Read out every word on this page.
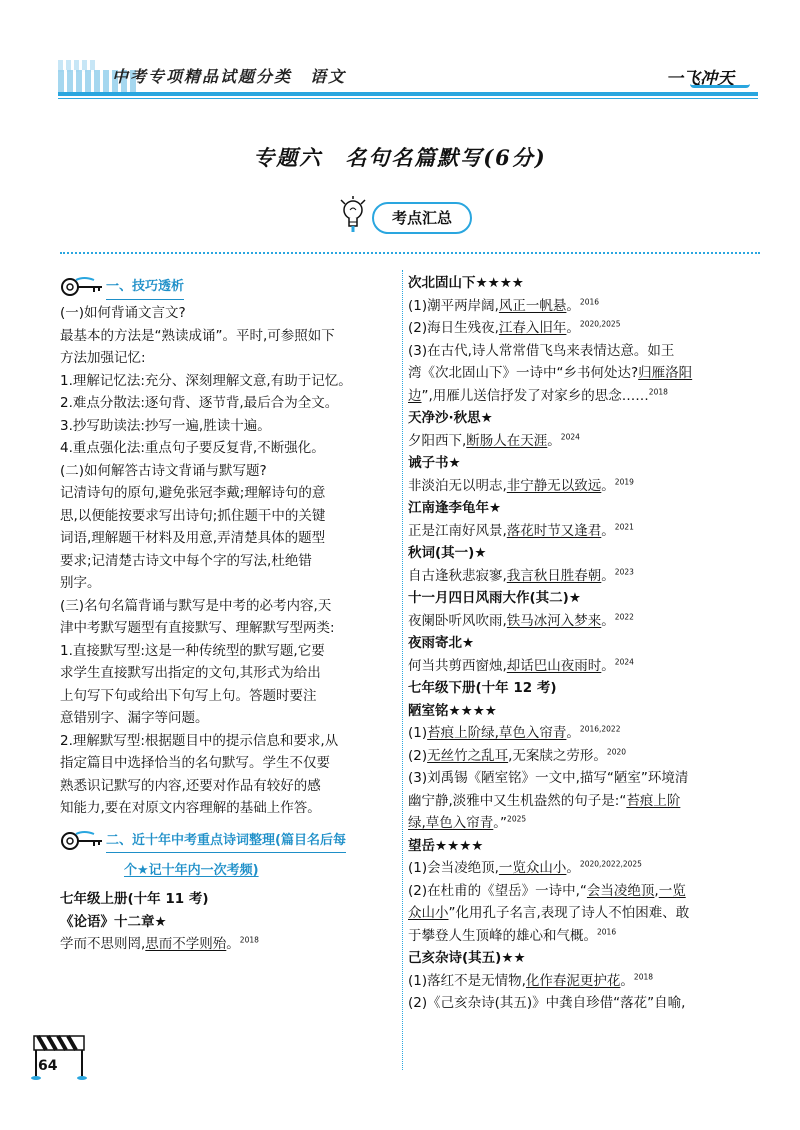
中考专项精品试题分类　语文	一飞冲天
专题六　名句名篇默写(6分)
考点汇总
一、技巧透析
(一)如何背诵文言文?
最基本的方法是“熟读成诵”。平时,可参照如下
方法加强记忆:
1.理解记忆法:充分、深刻理解文意,有助于记忆。
2.难点分散法:逐句背、逐节背,最后合为全文。
3.抄写助读法:抄写一遍,胜读十遍。
4.重点强化法:重点句子要反复背,不断强化。
(二)如何解答古诗文背诵与默写题?
记清诗句的原句,避免张冠李戴;理解诗句的意
思,以便能按要求写出诗句;抓住题干中的关键
词语,理解题干材料及用意,弄清楚具体的题型
要求;记清楚古诗文中每个字的写法,杜绝错
别字。
(三)名句名篇背诵与默写是中考的必考内容,天
津中考默写题型有直接默写、理解默写型两类:
1.直接默写型:这是一种传统型的默写题,它要
求学生直接默写出指定的文句,其形式为给出
上句写下句或给出下句写上句。答题时要注
意错别字、漏字等问题。
2.理解默写型:根据题目中的提示信息和要求,从
指定篇目中选择恰当的名句默写。学生不仅要
熟悉识记默写的内容,还要对作品有较好的感
知能力,要在对原文内容理解的基础上作答。
二、近十年中考重点诗词整理(篇目名后每
个★记十年内一次考频)
七年级上册(十年 11 考)
《论语》十二章★
学而不思则罔,思而不学则殆。$^{2018}$
次北固山下★★★★
(1)潮平两岸阔,风正一帆悬。$^{2016}$
(2)海日生残夜,江春入旧年。$^{2020,2025}$
(3)在古代,诗人常常借飞鸟来表情达意。如王
湾《次北固山下》一诗中“乡书何处达?归雁洛阳
边”,用雁儿送信抒发了对家乡的思念……$^{2018}$
天净沙·秋思★
夕阳西下,断肠人在天涯。$^{2024}$
诫子书★
非淡泊无以明志,非宁静无以致远。$^{2019}$
江南逢李龟年★
正是江南好风景,落花时节又逢君。$^{2021}$
秋词(其一)★
自古逢秋悲寂寥,我言秋日胜春朝。$^{2023}$
十一月四日风雨大作(其二)★
夜阑卧听风吹雨,铁马冰河入梦来。$^{2022}$
夜雨寄北★
何当共剪西窗烛,却话巴山夜雨时。$^{2024}$
七年级下册(十年 12 考)
陋室铭★★★★
(1)苔痕上阶绿,草色入帘青。$^{2016,2022}$
(2)无丝竹之乱耳,无案牍之劳形。$^{2020}$
(3)刘禹锡《陋室铭》一文中,描写“陋室”环境清
幽宁静,淡雅中又生机盎然的句子是:“苔痕上阶
绿,草色入帘青。”$^{2025}$
望岳★★★★
(1)会当凌绝顶,一览众山小。$^{2020,2022,2025}$
(2)在杜甫的《望岳》一诗中,“会当凌绝顶,一览
众山小”化用孔子名言,表现了诗人不怕困难、敢
于攀登人生顶峰的雄心和气概。$^{2016}$
己亥杂诗(其五)★★
(1)落红不是无情物,化作春泥更护花。$^{2018}$
(2)《己亥杂诗(其五)》中龚自珍借“落花”自喻,
64
